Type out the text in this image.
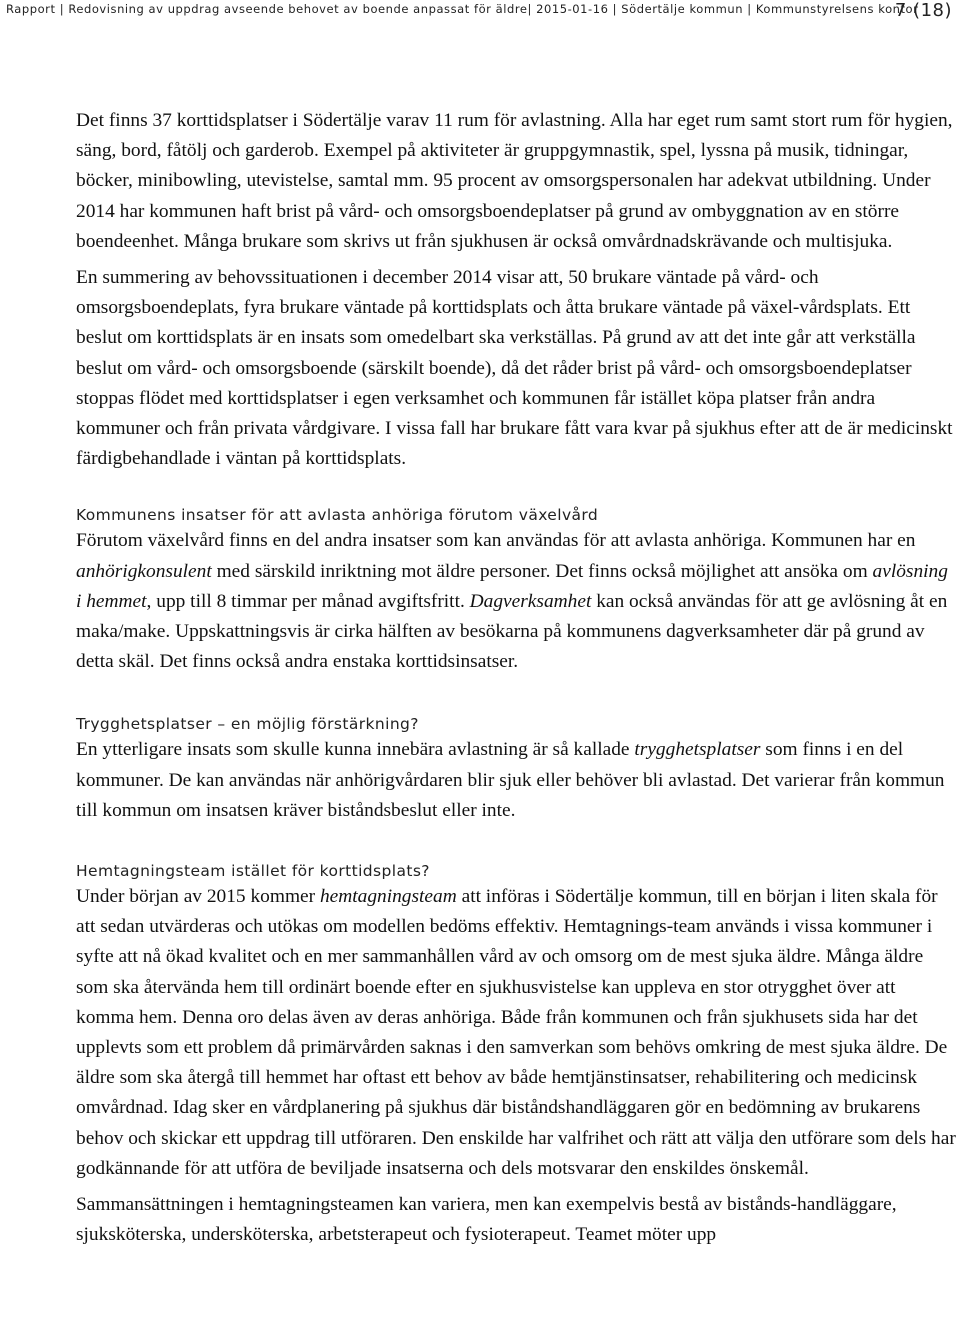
Rapport | Redovisning av uppdrag avseende behovet av boende anpassat för äldre| 2015-01-16 | Södertälje kommun | Kommunstyrelsens kontor
7 (18)

Det finns 37 korttidsplatser i Södertälje varav 11 rum för avlastning. Alla har eget rum samt stort rum för hygien, säng, bord, fåtölj och garderob. Exempel på aktiviteter är gruppgymnastik, spel, lyssna på musik, tidningar, böcker, minibowling, utevistelse, samtal mm. 95 procent av omsorgspersonalen har adekvat utbildning. Under 2014 har kommunen haft brist på vård- och omsorgsboendeplatser på grund av ombyggnation av en större boendeenhet. Många brukare som skrivs ut från sjukhusen är också omvårdnadskrävande och multisjuka.

En summering av behovssituationen i december 2014 visar att, 50 brukare väntade på vård- och omsorgsboendeplats, fyra brukare väntade på korttidsplats och åtta brukare väntade på växel-vårdsplats. Ett beslut om korttidsplats är en insats som omedelbart ska verkställas. På grund av att det inte går att verkställa beslut om vård- och omsorgsboende (särskilt boende), då det råder brist på vård- och omsorgsboendeplatser stoppas flödet med korttidsplatser i egen verksamhet och kommunen får istället köpa platser från andra kommuner och från privata vårdgivare. I vissa fall har brukare fått vara kvar på sjukhus efter att de är medicinskt färdigbehandlade i väntan på korttidsplats.

Kommunens insatser för att avlasta anhöriga förutom växelvård

Förutom växelvård finns en del andra insatser som kan användas för att avlasta anhöriga. Kommunen har en anhörigkonsulent med särskild inriktning mot äldre personer. Det finns också möjlighet att ansöka om avlösning i hemmet, upp till 8 timmar per månad avgiftsfritt. Dagverksamhet kan också användas för att ge avlösning åt en maka/make. Uppskattningsvis är cirka hälften av besökarna på kommunens dagverksamheter där på grund av detta skäl. Det finns också andra enstaka korttidsinsatser.

Trygghetsplatser – en möjlig förstärkning?

En ytterligare insats som skulle kunna innebära avlastning är så kallade trygghetsplatser som finns i en del kommuner. De kan användas när anhörigvårdaren blir sjuk eller behöver bli avlastad. Det varierar från kommun till kommun om insatsen kräver biståndsbeslut eller inte.

Hemtagningsteam istället för korttidsplats?

Under början av 2015 kommer hemtagningsteam att införas i Södertälje kommun, till en början i liten skala för att sedan utvärderas och utökas om modellen bedöms effektiv. Hemtagnings-team används i vissa kommuner i syfte att nå ökad kvalitet och en mer sammanhållen vård av och omsorg om de mest sjuka äldre. Många äldre som ska återvända hem till ordinärt boende efter en sjukhusvistelse kan uppleva en stor otrygghet över att komma hem. Denna oro delas även av deras anhöriga. Både från kommunen och från sjukhusets sida har det upplevts som ett problem då primärvården saknas i den samverkan som behövs omkring de mest sjuka äldre. De äldre som ska återgå till hemmet har oftast ett behov av både hemtjänstinsatser, rehabilitering och medicinsk omvårdnad. Idag sker en vårdplanering på sjukhus där biståndshandläggaren gör en bedömning av brukarens behov och skickar ett uppdrag till utföraren. Den enskilde har valfrihet och rätt att välja den utförare som dels har godkännande för att utföra de beviljade insatserna och dels motsvarar den enskildes önskemål.

Sammansättningen i hemtagningsteamen kan variera, men kan exempelvis bestå av bistånds-handläggare, sjuksköterska, undersköterska, arbetsterapeut och fysioterapeut. Teamet möter upp
